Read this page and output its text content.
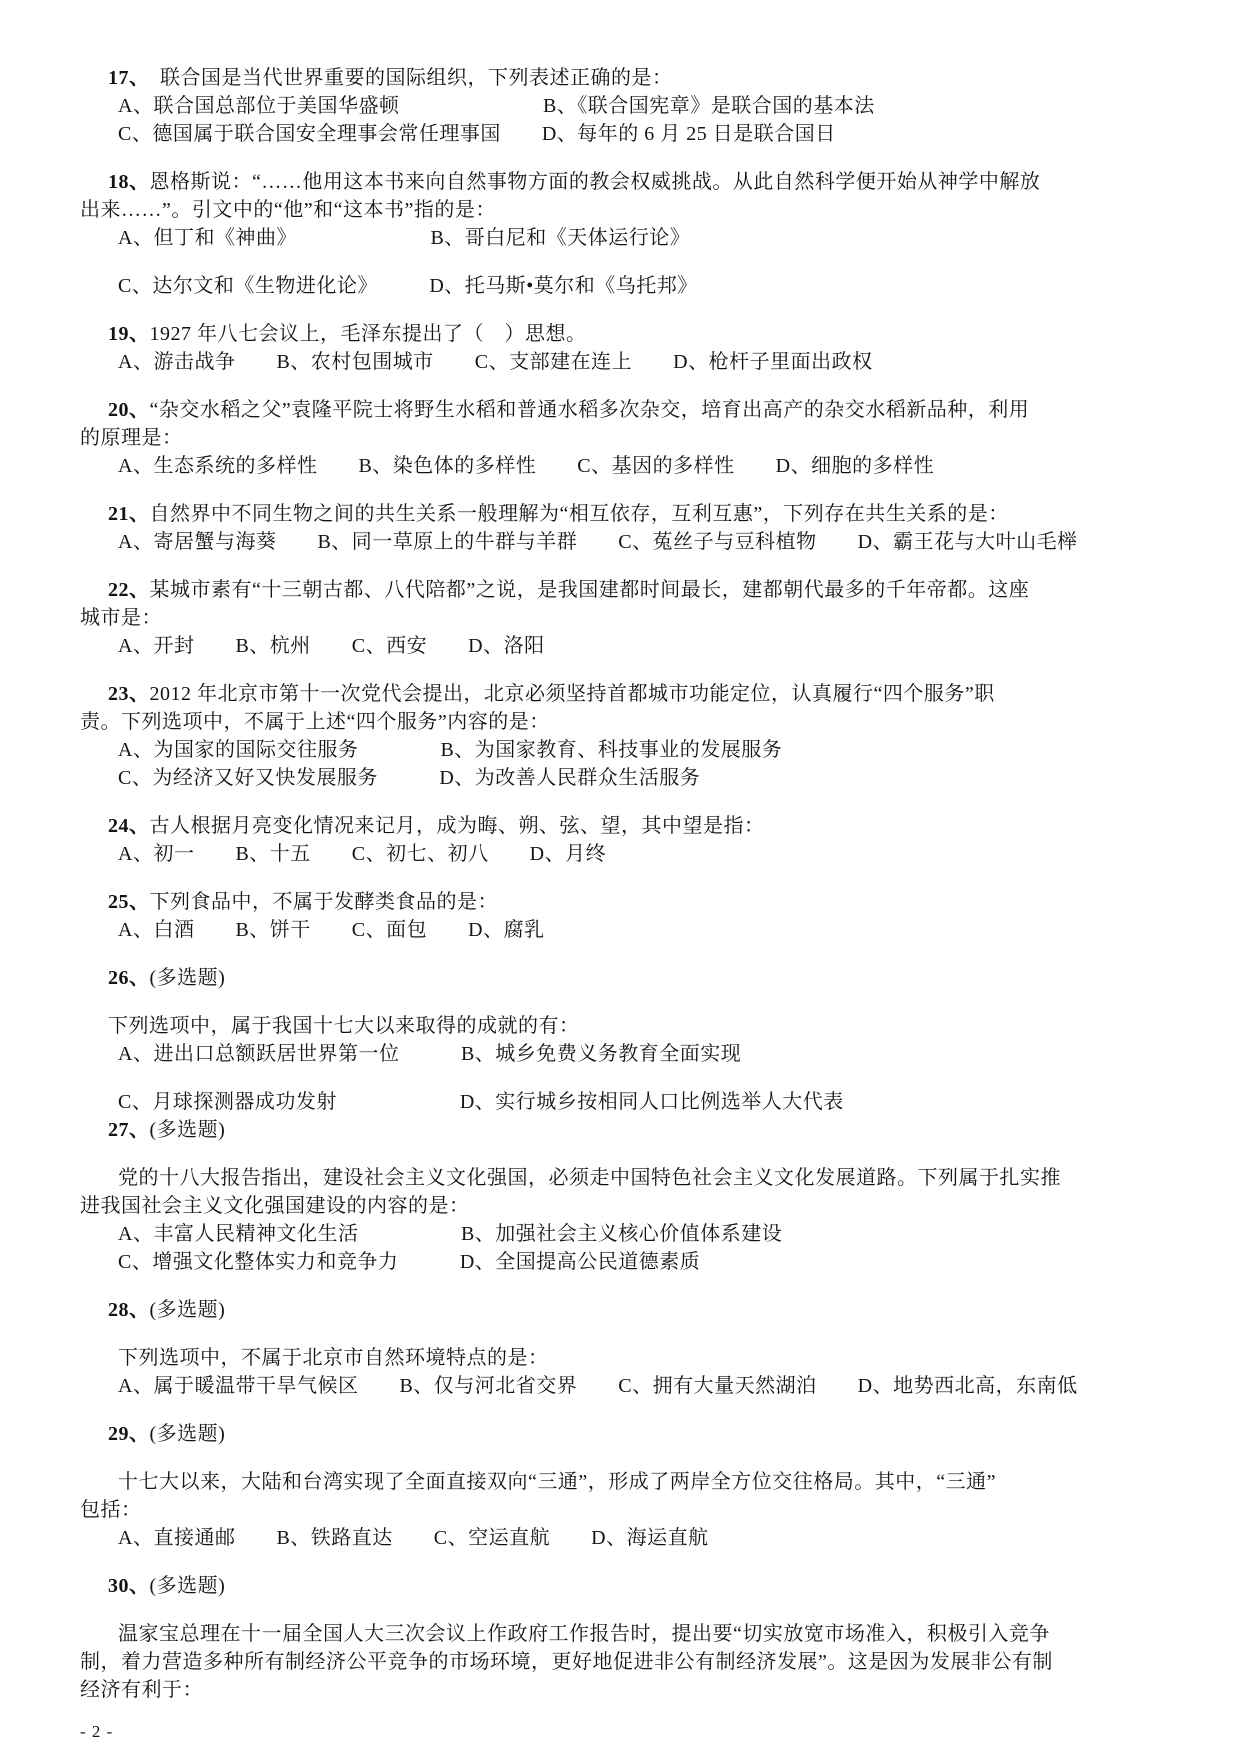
17、　联合国是当代世界重要的国际组织，下列表述正确的是：
A、联合国总部位于美国华盛顿　　　　　　　B、《联合国宪章》是联合国的基本法
C、德国属于联合国安全理事会常任理事国　　D、每年的 6 月 25 日是联合国日
18、恩格斯说：“……他用这本书来向自然事物方面的教会权威挑战。从此自然科学便开始从神学中解放
出来……”。引文中的“他”和“这本书”指的是：
A、但丁和《神曲》　　　　　　　B、哥白尼和《天体运行论》
C、达尔文和《生物进化论》　　　D、托马斯•莫尔和《乌托邦》
19、1927 年八七会议上，毛泽东提出了（　）思想。
A、游击战争　　B、农村包围城市　　C、支部建在连上　　D、枪杆子里面出政权
20、“杂交水稻之父”袁隆平院士将野生水稻和普通水稻多次杂交，培育出高产的杂交水稻新品种，利用
的原理是：
A、生态系统的多样性　　B、染色体的多样性　　C、基因的多样性　　D、细胞的多样性
21、自然界中不同生物之间的共生关系一般理解为“相互依存，互利互惠”，下列存在共生关系的是：
A、寄居蟹与海葵　　B、同一草原上的牛群与羊群　　C、菟丝子与豆科植物　　D、霸王花与大叶山毛榉
22、某城市素有“十三朝古都、八代陪都”之说，是我国建都时间最长，建都朝代最多的千年帝都。这座
城市是：
A、开封　　B、杭州　　C、西安　　D、洛阳
23、2012 年北京市第十一次党代会提出，北京必须坚持首都城市功能定位，认真履行“四个服务”职
责。下列选项中，不属于上述“四个服务”内容的是：
A、为国家的国际交往服务　　　　B、为国家教育、科技事业的发展服务
C、为经济又好又快发展服务　　　D、为改善人民群众生活服务
24、古人根据月亮变化情况来记月，成为晦、朔、弦、望，其中望是指：
A、初一　　B、十五　　C、初七、初八　　D、月终
25、下列食品中，不属于发酵类食品的是：
A、白酒　　B、饼干　　C、面包　　D、腐乳
26、(多选题)
下列选项中，属于我国十七大以来取得的成就的有：
A、进出口总额跃居世界第一位　　　B、城乡免费义务教育全面实现
C、月球探测器成功发射　　　　　　D、实行城乡按相同人口比例选举人大代表
27、(多选题)
党的十八大报告指出，建设社会主义文化强国，必须走中国特色社会主义文化发展道路。下列属于扎实推
进我国社会主义文化强国建设的内容的是：
A、丰富人民精神文化生活　　　　　B、加强社会主义核心价值体系建设
C、增强文化整体实力和竞争力　　　D、全国提高公民道德素质
28、(多选题)
下列选项中，不属于北京市自然环境特点的是：
A、属于暖温带干旱气候区　　B、仅与河北省交界　　C、拥有大量天然湖泊　　D、地势西北高，东南低
29、(多选题)
十七大以来，大陆和台湾实现了全面直接双向“三通”，形成了两岸全方位交往格局。其中，“三通”
包括：
A、直接通邮　　B、铁路直达　　C、空运直航　　D、海运直航
30、(多选题)
温家宝总理在十一届全国人大三次会议上作政府工作报告时，提出要“切实放宽市场准入，积极引入竞争
制，着力营造多种所有制经济公平竞争的市场环境，更好地促进非公有制经济发展”。这是因为发展非公有制
经济有利于：
- 2 -
